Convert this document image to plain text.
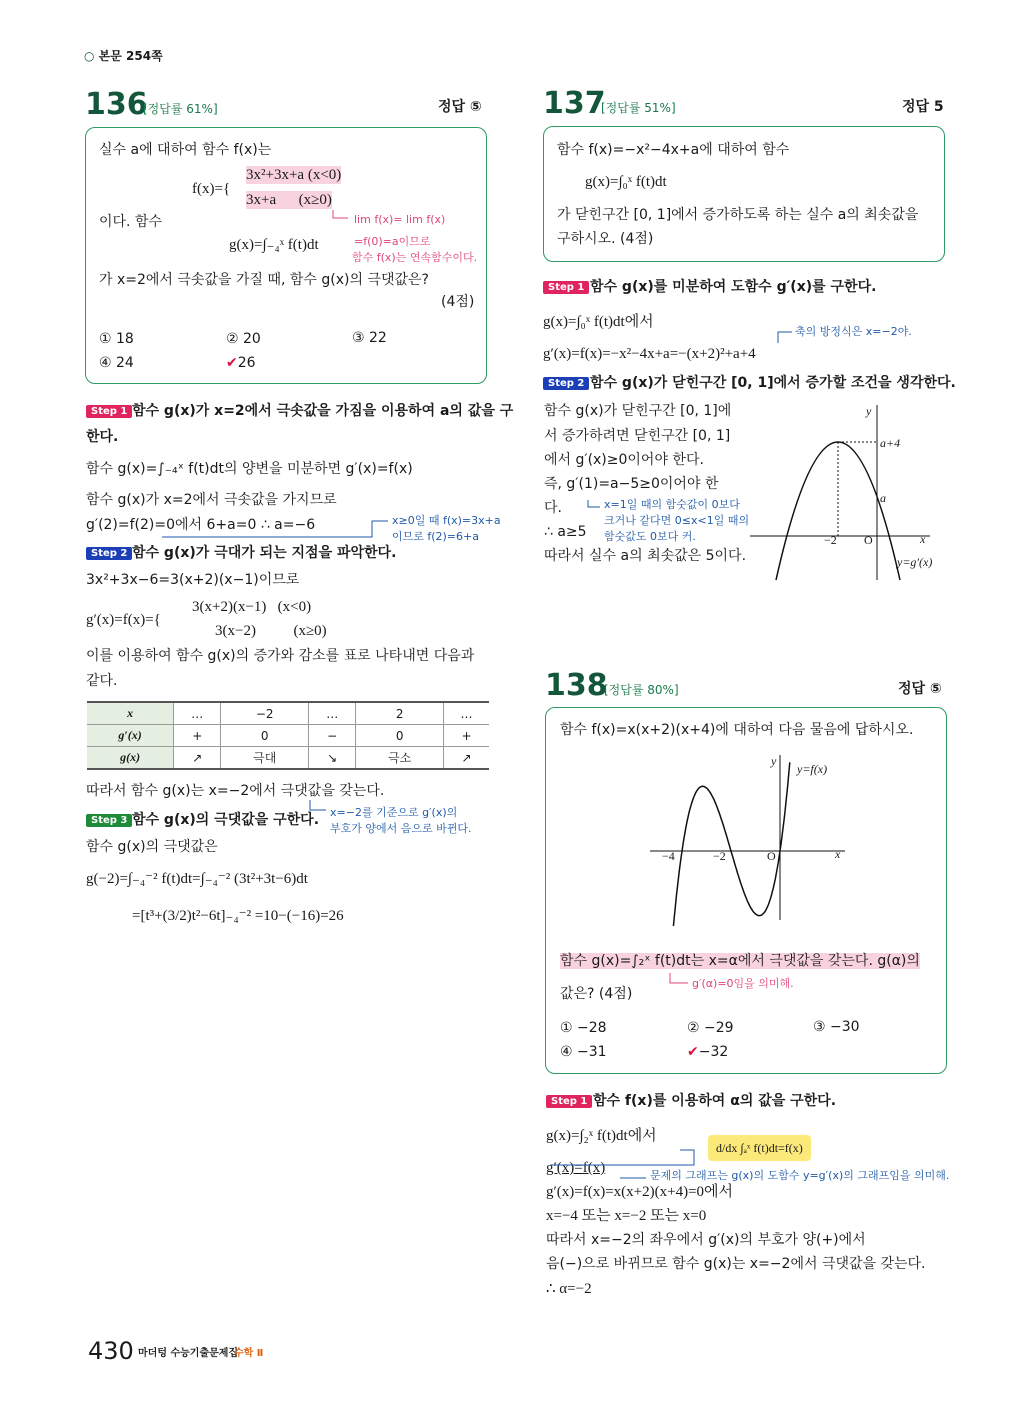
○ 본문 254쪽
136
[정답률 61%]	정답 ⑤
실수 a에 대하여 함수 f(x)는
f(x)={
3x²+3x+a (x<0)
3x+a      (x≥0)
이다. 함수
g(x)=∫₋₄ˣ f(t)dt
가 x=2에서 극솟값을 가질 때, 함수 g(x)의 극댓값은?
(4점)
lim f(x)= lim f(x)
=f(0)=a이므로
함수 f(x)는 연속함수이다.
① 18	② 20	③ 22
④ 24	✔26
Step 1 함수 g(x)가 x=2에서 극솟값을 가짐을 이용하여 a의 값을 구
한다.
함수 g(x)=∫₋₄ˣ f(t)dt의 양변을 미분하면 g′(x)=f(x)
함수 g(x)가 x=2에서 극솟값을 가지므로
g′(2)=f(2)=0에서 6+a=0 ∴ a=−6	x≥0일 때 f(x)=3x+a
이므로 f(2)=6+a
Step 2 함수 g(x)가 극대가 되는 지점을 파악한다.
3x²+3x−6=3(x+2)(x−1)이므로
g′(x)=f(x)={
3(x+2)(x−1)   (x<0)
3(x−2)          (x≥0)
이를 이용하여 함수 g(x)의 증가와 감소를 표로 나타내면 다음과
같다.
x	…	−2	…	2	…
g′(x)	+	0	−	0	+
g(x)	↗	극대	↘	극소	↗
따라서 함수 g(x)는 x=−2에서 극댓값을 갖는다.
x=−2를 기준으로 g′(x)의
부호가 양에서 음으로 바뀐다.
Step 3 함수 g(x)의 극댓값을 구한다.
함수 g(x)의 극댓값은
g(−2)=∫₋₄⁻² f(t)dt=∫₋₄⁻² (3t²+3t−6)dt
=[t³+(3/2)t²−6t]₋₄⁻² =10−(−16)=26
137
[정답률 51%]	정답 5
함수 f(x)=−x²−4x+a에 대하여 함수
g(x)=∫₀ˣ f(t)dt
가 닫힌구간 [0, 1]에서 증가하도록 하는 실수 a의 최솟값을
구하시오. (4점)
Step 1 함수 g(x)를 미분하여 도함수 g′(x)를 구한다.
g(x)=∫₀ˣ f(t)dt에서
g′(x)=f(x)=−x²−4x+a=−(x+2)²+a+4
축의 방정식은 x=−2야.
Step 2 함수 g(x)가 닫힌구간 [0, 1]에서 증가할 조건을 생각한다.
함수 g(x)가 닫힌구간 [0, 1]에
서 증가하려면 닫힌구간 [0, 1]
에서 g′(x)≥0이어야 한다.
즉, g′(1)=a−5≥0이어야 한
다.
∴ a≥5
따라서 실수 a의 최솟값은 5이다.
x=1일 때의 함숫값이 0보다
크거나 같다면 0≤x<1일 때의
함숫값도 0보다 커.
y
x
O
−2
a+4
a
y=g′(x)
138
[정답률 80%]	정답 ⑤
함수 f(x)=x(x+2)(x+4)에 대하여 다음 물음에 답하시오.
함수 g(x)=∫₂ˣ f(t)dt는 x=α에서 극댓값을 갖는다. g(α)의
값은? (4점)
g′(α)=0임을 의미해.
① −28	② −29	③ −30
④ −31	✔−32
y
y=f(x)
x
O
−4	−2
Step 1 함수 f(x)를 이용하여 α의 값을 구한다.
g(x)=∫₂ˣ f(t)dt에서
d/dx ∫ₐˣ f(t)dt=f(x)
g′(x)=f(x)	문제의 그래프는 g(x)의 도함수 y=g′(x)의 그래프임을 의미해.
g′(x)=f(x)=x(x+2)(x+4)=0에서
x=−4 또는 x=−2 또는 x=0
따라서 x=−2의 좌우에서 g′(x)의 부호가 양(+)에서
음(−)으로 바뀌므로 함수 g(x)는 x=−2에서 극댓값을 갖는다.
∴ α=−2
430 마더텅 수능기출문제집
수학 Ⅱ
